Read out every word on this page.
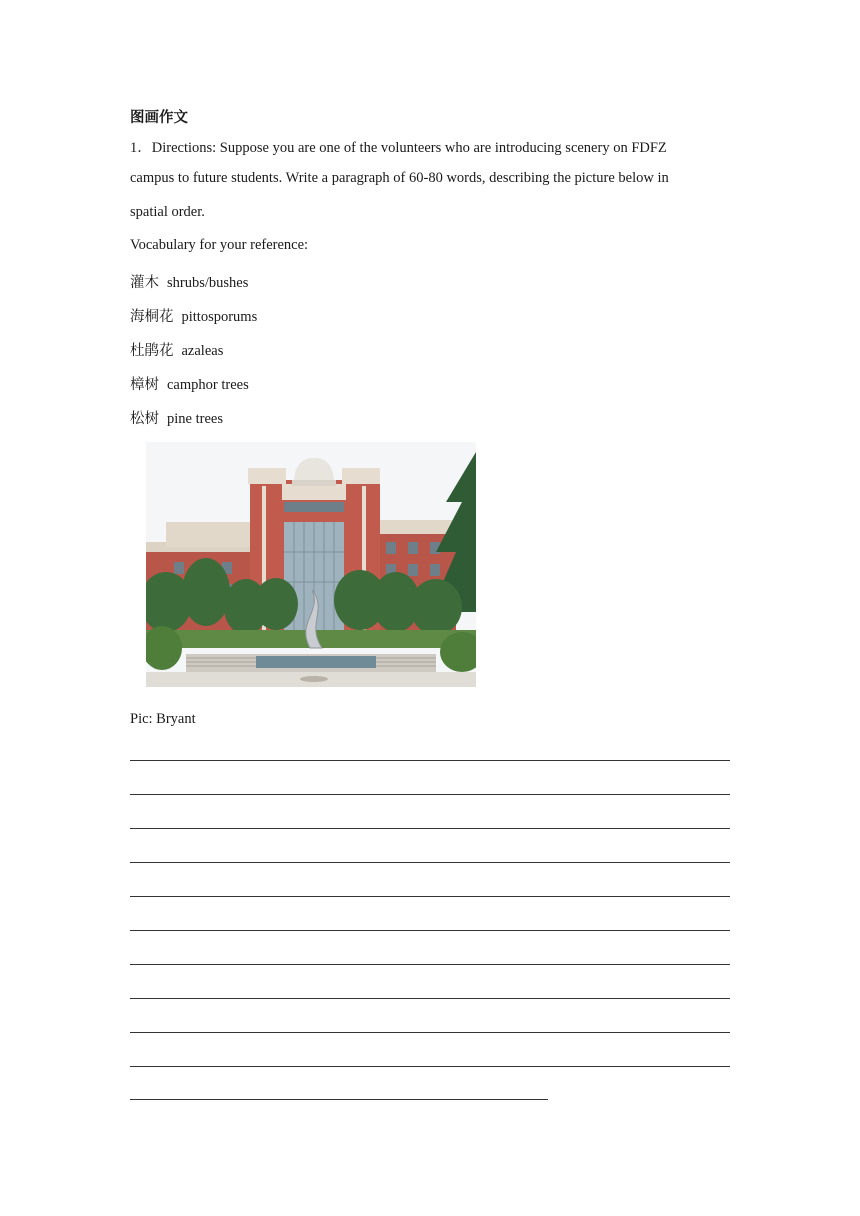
图画作文
1．Directions: Suppose you are one of the volunteers who are introducing scenery on FDFZ
campus to future students. Write a paragraph of 60-80 words, describing the picture below in
spatial order.
Vocabulary for your reference:
灌木 shrubs/bushes
海桐花 pittosporums
杜鹃花 azaleas
樟树 camphor trees
松树 pine trees
Pic: Bryant
